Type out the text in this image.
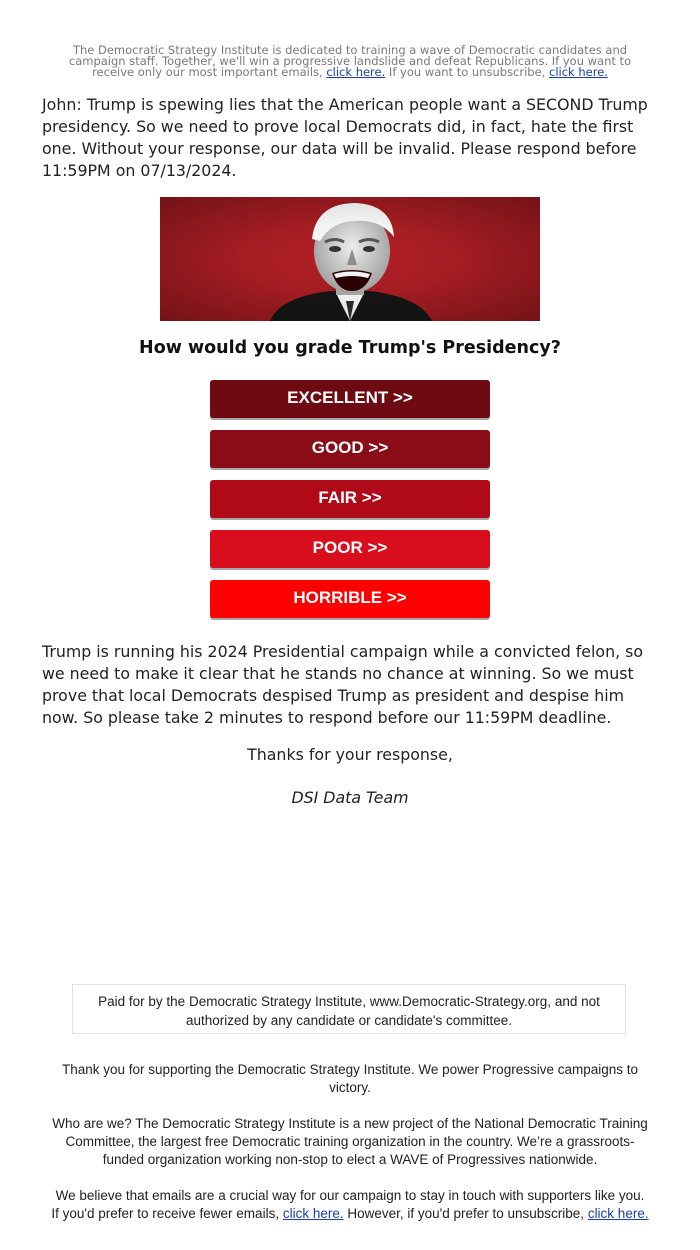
The Democratic Strategy Institute is dedicated to training a wave of Democratic candidates and campaign staff. Together, we'll win a progressive landslide and defeat Republicans. If you want to receive only our most important emails, click here. If you want to unsubscribe, click here.
John: Trump is spewing lies that the American people want a SECOND Trump presidency. So we need to prove local Democrats did, in fact, hate the first one. Without your response, our data will be invalid. Please respond before 11:59PM on 07/13/2024.
How would you grade Trump's Presidency?
EXCELLENT >>
GOOD >>
FAIR >>
POOR >>
HORRIBLE >>
Trump is running his 2024 Presidential campaign while a convicted felon, so we need to make it clear that he stands no chance at winning. So we must prove that local Democrats despised Trump as president and despise him now. So please take 2 minutes to respond before our 11:59PM deadline.
Thanks for your response,
DSI Data Team
Paid for by the Democratic Strategy Institute, www.Democratic-Strategy.org, and not authorized by any candidate or candidate's committee.
Thank you for supporting the Democratic Strategy Institute. We power Progressive campaigns to victory.
Who are we? The Democratic Strategy Institute is a new project of the National Democratic Training Committee, the largest free Democratic training organization in the country. We’re a grassroots-funded organization working non-stop to elect a WAVE of Progressives nationwide.
We believe that emails are a crucial way for our campaign to stay in touch with supporters like you. If you'd prefer to receive fewer emails, click here. However, if you'd prefer to unsubscribe, click here.
